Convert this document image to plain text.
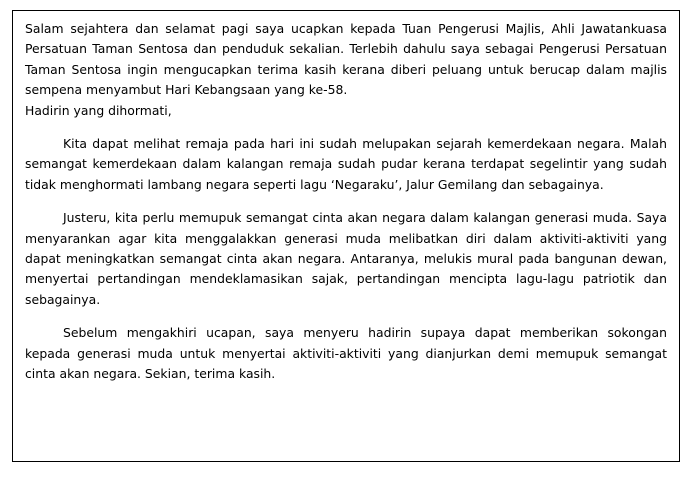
Salam sejahtera dan selamat pagi saya ucapkan kepada Tuan Pengerusi Majlis, Ahli Jawatankuasa Persatuan Taman Sentosa dan penduduk sekalian. Terlebih dahulu saya sebagai Pengerusi Persatuan Taman Sentosa ingin mengucapkan terima kasih kerana diberi peluang untuk berucap dalam majlis sempena menyambut Hari Kebangsaan yang ke-58.

Hadirin yang dihormati,

Kita dapat melihat remaja pada hari ini sudah melupakan sejarah kemerdekaan negara. Malah semangat kemerdekaan dalam kalangan remaja sudah pudar kerana terdapat segelintir yang sudah tidak menghormati lambang negara seperti lagu ‘Negaraku’, Jalur Gemilang dan sebagainya.

Justeru, kita perlu memupuk semangat cinta akan negara dalam kalangan generasi muda. Saya menyarankan agar kita menggalakkan generasi muda melibatkan diri dalam aktiviti-aktiviti yang dapat meningkatkan semangat cinta akan negara. Antaranya, melukis mural pada bangunan dewan, menyertai pertandingan mendeklamasikan sajak, pertandingan mencipta lagu-lagu patriotik dan sebagainya.

Sebelum mengakhiri ucapan, saya menyeru hadirin supaya dapat memberikan sokongan kepada generasi muda untuk menyertai aktiviti-aktiviti yang dianjurkan demi memupuk semangat cinta akan negara. Sekian, terima kasih.
